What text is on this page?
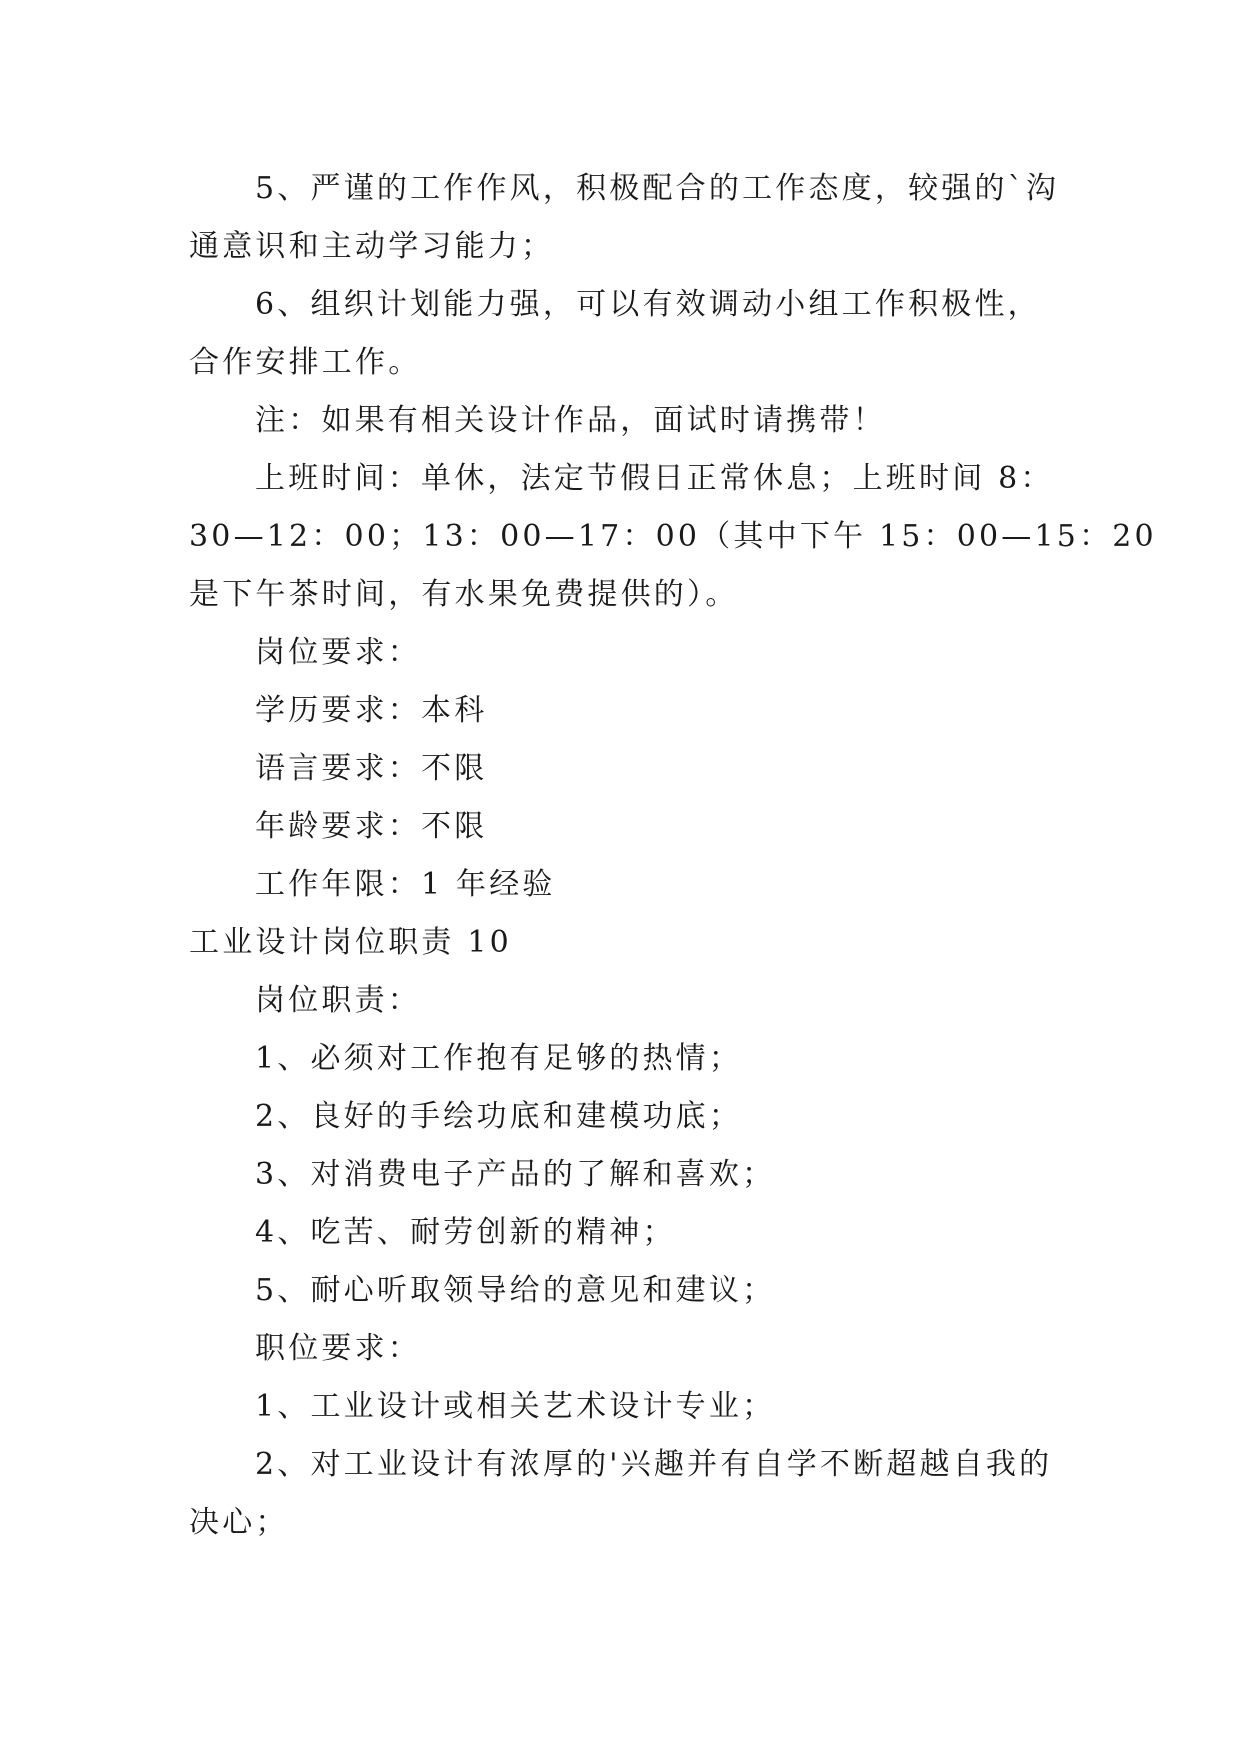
5、严谨的工作作风，积极配合的工作态度，较强的`沟
通意识和主动学习能力；
6、组织计划能力强，可以有效调动小组工作积极性，
合作安排工作。
注：如果有相关设计作品，面试时请携带！
上班时间：单休，法定节假日正常休息；上班时间 8：
30—12：00；13：00—17：00（其中下午 15：00—15：20
是下午茶时间，有水果免费提供的）。
岗位要求：
学历要求：本科
语言要求：不限
年龄要求：不限
工作年限：1 年经验
工业设计岗位职责 10
岗位职责：
1、必须对工作抱有足够的热情；
2、良好的手绘功底和建模功底；
3、对消费电子产品的了解和喜欢；
4、吃苦、耐劳创新的精神；
5、耐心听取领导给的意见和建议；
职位要求：
1、工业设计或相关艺术设计专业；
2、对工业设计有浓厚的'兴趣并有自学不断超越自我的
决心；
